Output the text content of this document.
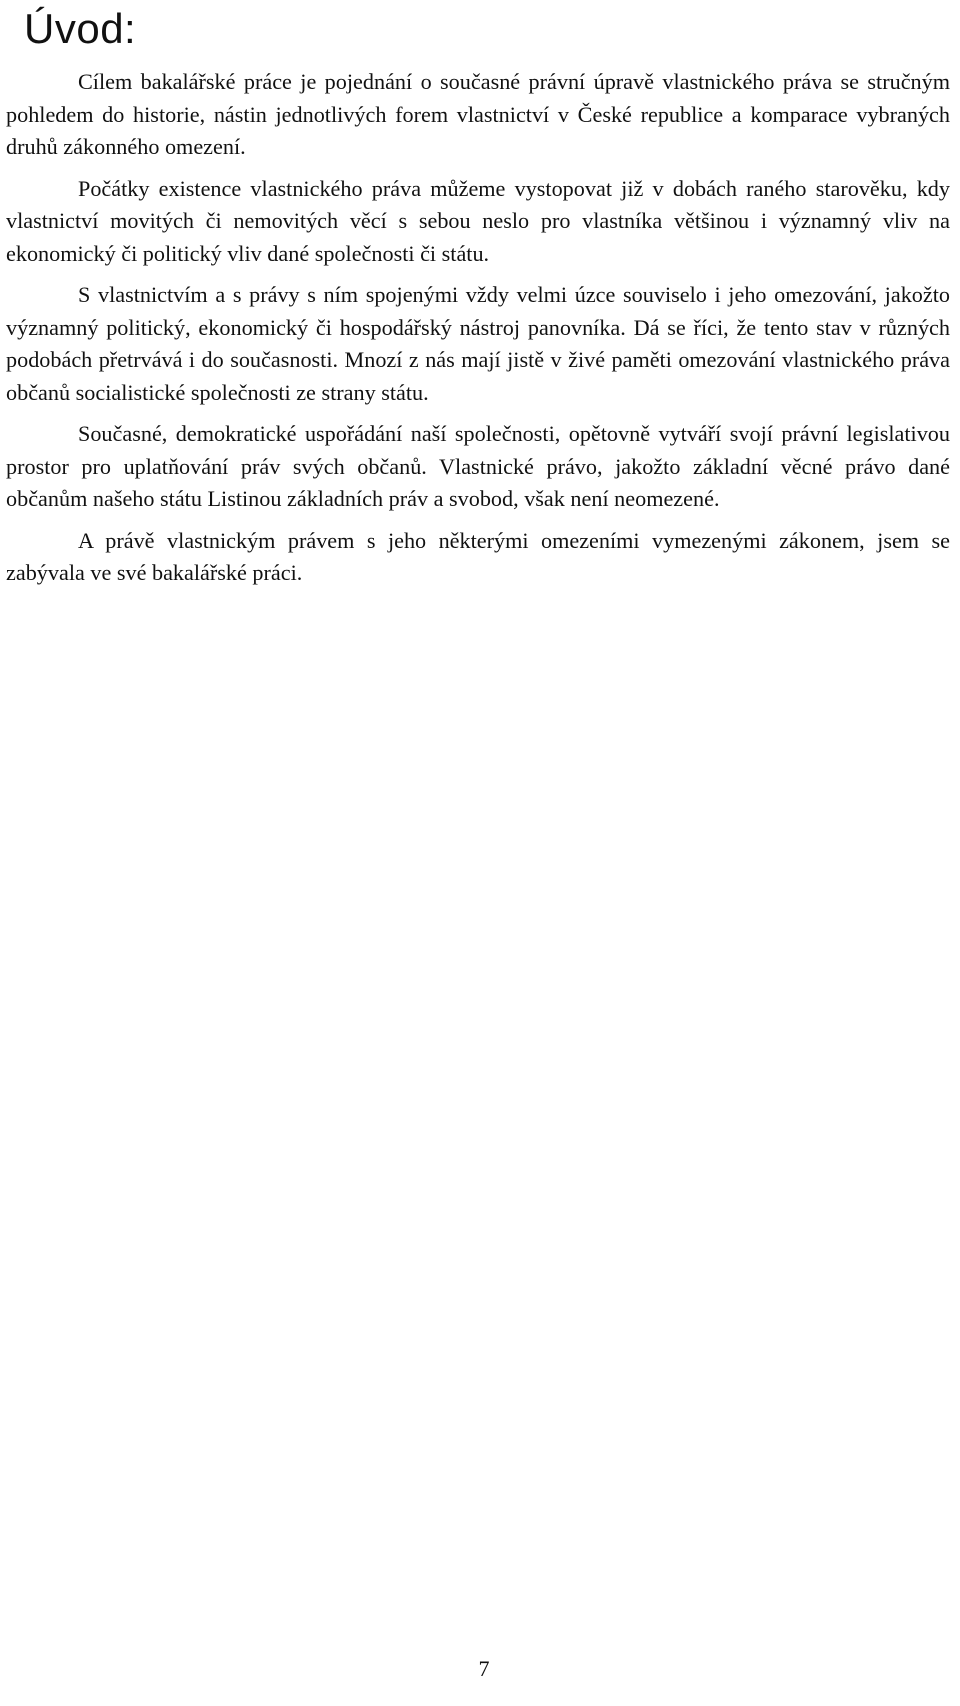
Úvod:

Cílem bakalářské práce je pojednání o současné právní úpravě vlastnického práva se stručným pohledem do historie, nástin jednotlivých forem vlastnictví v České republice a komparace vybraných druhů zákonného omezení.

Počátky existence vlastnického práva můžeme vystopovat již v dobách raného starověku, kdy vlastnictví movitých či nemovitých věcí s sebou neslo pro vlastníka většinou i významný vliv na ekonomický či politický vliv dané společnosti či státu.

S vlastnictvím a s právy s ním spojenými vždy velmi úzce souviselo i jeho omezování, jakožto významný politický, ekonomický či hospodářský nástroj panovníka. Dá se říci, že tento stav v různých podobách přetrvává i do současnosti. Mnozí z nás mají jistě v živé paměti omezování vlastnického práva občanů socialistické společnosti ze strany státu.

Současné, demokratické uspořádání naší společnosti, opětovně vytváří svojí právní legislativou prostor pro uplatňování práv svých občanů. Vlastnické právo, jakožto základní věcné právo dané občanům našeho státu Listinou základních práv a svobod, však není neomezené.

A právě vlastnickým právem s jeho některými omezeními vymezenými zákonem, jsem se zabývala ve své bakalářské práci.

7
